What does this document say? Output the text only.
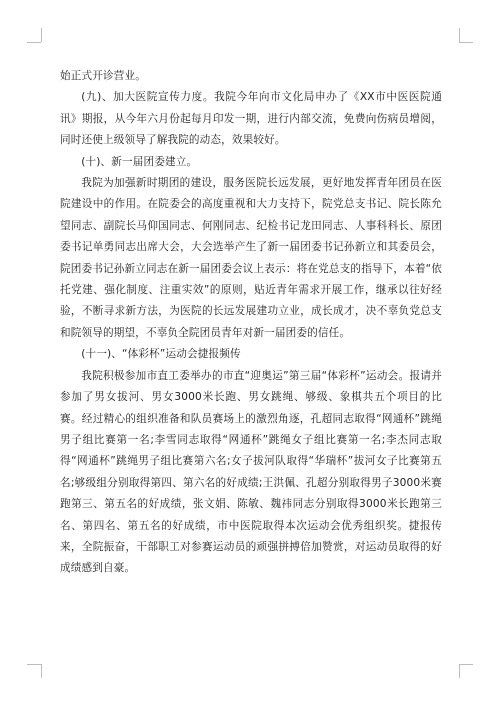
始正式开诊营业。

(九)、加大医院宣传力度。我院今年向市文化局申办了《XX市中医医院通讯》期报，从今年六月份起每月印发一期，进行内部交流，免费向伤病员增阅，同时还使上级领导了解我院的动态，效果较好。

(十)、新一届团委建立。

我院为加强新时期团的建设，服务医院长远发展，更好地发挥青年团员在医院建设中的作用。在院委会的高度重视和大力支持下，院党总支书记、院长陈允望同志、副院长马仰国同志、何刚同志、纪检书记龙田同志、人事科科长、原团委书记单勇同志出席大会，大会选举产生了新一届团委书记孙新立和其委员会，院团委书记孙新立同志在新一届团委会议上表示：将在党总支的指导下，本着“依托党建、强化制度、注重实效”的原则，贴近青年需求开展工作，继承以往好经验，不断寻求新方法，为医院的长远发展建功立业，成长成才，决不辜负党总支和院领导的期望，不辜负全院团员青年对新一届团委的信任。

(十一)、“体彩杯”运动会捷报频传

我院积极参加市直工委举办的市直“迎奥运”第三届“体彩杯”运动会。报请并参加了男女拔河、男女3000米长跑、男女跳绳、够级、象棋共五个项目的比赛。经过精心的组织准备和队员赛场上的激烈角逐，孔超同志取得“网通杯”跳绳男子组比赛第一名;李雪同志取得“网通杯”跳绳女子组比赛第一名;李杰同志取得“网通杯”跳绳男子组比赛第六名;女子拔河队取得“华瑞杯”拔河女子比赛第五名;够级组分别取得第四、第六名的好成绩;王洪佩、孔超分别取得男子3000米赛跑第三、第五名的好成绩，张文娟、陈敏、魏祎同志分别取得3000米长跑第三名、第四名、第五名的好成绩，市中医院取得本次运动会优秀组织奖。捷报传来，全院振奋，干部职工对参赛运动员的顽强拼搏倍加赞赏，对运动员取得的好成绩感到自豪。
